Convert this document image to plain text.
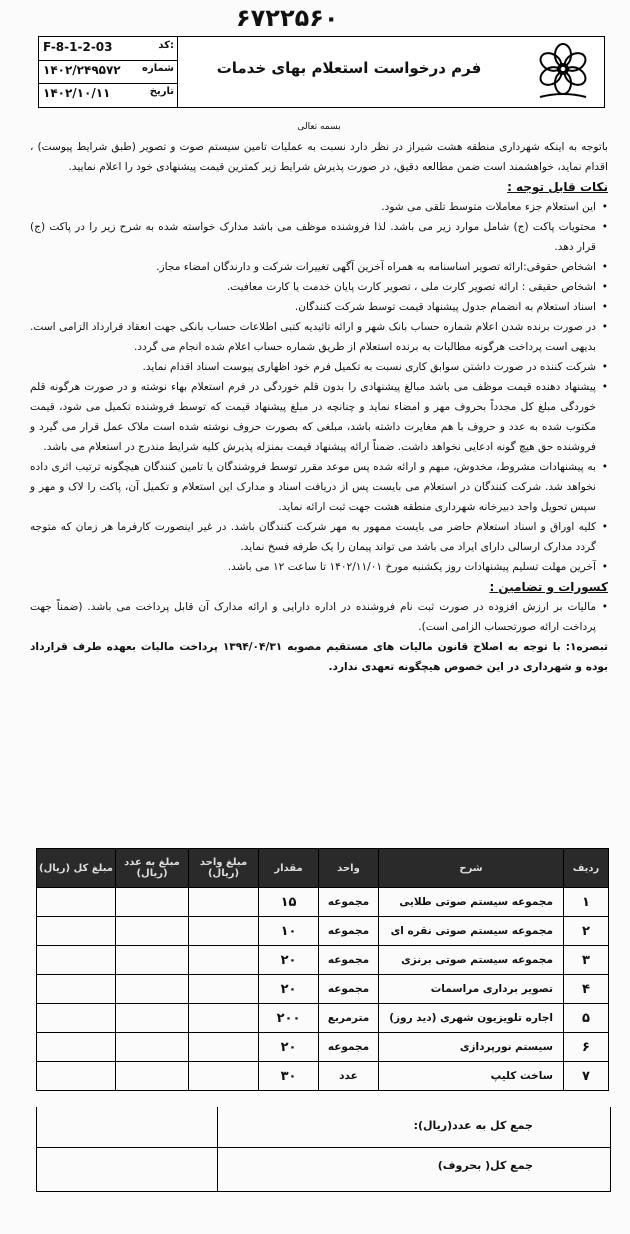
۶۷۲۲۵۶۰
F-8-1-2-03	کد:
۱۴۰۲/۲۴۹۵۷۲ شماره
۱۴۰۲/۱۰/۱۱	تاریخ
فرم درخواست استعلام بهای خدمات

بسمه تعالی

باتوجه به اینکه شهرداری منطقه هشت شیراز در نظر دارد نسبت به عملیات تامین سیستم صوت و تصویر (طبق شرایط پیوست) ، اقدام نماید، خواهشمند است ضمن مطالعه دقیق، در صورت پذیرش شرایط زیر کمترین قیمت پیشنهادی خود را اعلام نمایید.

نکات قابل توجه :

• این استعلام جزء معاملات متوسط تلقی می شود.

• محتویات پاکت (ج) شامل موارد زیر می باشد. لذا فروشنده موظف می باشد مدارک خواسته شده به شرح زیر را در پاکت (ج) قرار دهد.

• اشخاص حقوقی:ارائه تصویر اساسنامه به همراه آخرین آگهی تغییرات شرکت و دارندگان امضاء مجاز.

• اشخاص حقیقی : ارائه تصویر کارت ملی ، تصویر کارت پایان خدمت یا کارت معافیت.

• اسناد استعلام به انضمام جدول پیشنهاد قیمت توسط شرکت کنندگان.

• در صورت برنده شدن اعلام شماره حساب بانک شهر و ارائه تائیدیه کتبی اطلاعات حساب بانکی جهت انعقاد قرارداد الزامی است. بدیهی است پرداخت هرگونه مطالبات به برنده استعلام از طریق شماره حساب اعلام شده انجام می گردد.

• شرکت کننده در صورت داشتن سوابق کاری نسبت به تکمیل فرم خود اظهاری پیوست اسناد اقدام نماید.

• پیشنهاد دهنده قیمت موظف می باشد مبالغ پیشنهادی را بدون قلم خوردگی در فرم استعلام بهاء نوشته و در صورت هرگونه قلم خوردگی مبلغ کل مجدداً بحروف مهر و امضاء نماید و چنانچه در مبلغ پیشنهاد قیمت که توسط فروشنده تکمیل می شود، قیمت مکتوب شده به عدد و حروف با هم مغایرت داشته باشد، مبلغی که بصورت حروف نوشته شده است ملاک عمل قرار می گیرد و فروشنده حق هیچ گونه ادعایی نخواهد داشت. ضمناً ارائه پیشنهاد قیمت بمنزله پذیرش کلیه شرایط مندرج در استعلام می باشد.

• به پیشنهادات مشروط، مخدوش، مبهم و ارائه شده پس موعد مقرر توسط فروشندگان یا تامین کنندگان هیچگونه ترتیب اثری داده نخواهد شد. شرکت کنندگان در استعلام می بایست پس از دریافت اسناد و مدارک این استعلام و تکمیل آن، پاکت را لاک و مهر و سپس تحویل واحد دبیرخانه شهرداری منطقه هشت جهت ثبت ارائه نماید.

• کلیه اوراق و اسناد استعلام حاضر می بایست ممهور به مهر شرکت کنندگان باشد. در غیر اینصورت کارفرما هر زمان که متوجه گردد مدارک ارسالی دارای ایراد می باشد می تواند پیمان را یک طرفه فسخ نماید.

• آخرین مهلت تسلیم پیشنهادات روز یکشنبه مورخ ۱۴۰۲/۱۱/۰۱ تا ساعت ۱۲ می باشد.

کسورات و تضامین :

• مالیات بر ارزش افزوده در صورت ثبت نام فروشنده در اداره دارایی و ارائه مدارک آن قابل پرداخت می باشد. (ضمناً جهت پرداخت ارائه صورتحساب الزامی است).

تبصره۱: با توجه به اصلاح قانون مالیات های مستقیم مصوبه ۱۳۹۴/۰۴/۳۱ پرداخت مالیات بعهده طرف قرارداد بوده و شهرداری در این خصوص هیچگونه تعهدی ندارد.

ردیف	شرح	واحد	مقدار	مبلغ واحد (ریال)	مبلغ به عدد (ریال)	مبلغ کل (ریال)
۱	مجموعه سیستم صوتی طلایی	مجموعه	۱۵			
۲	مجموعه سیستم صوتی نقره ای	مجموعه	۱۰			
۳	مجموعه سیستم صوتی برنزی	مجموعه	۲۰			
۴	تصویر برداری مراسمات	مجموعه	۲۰			
۵	اجاره تلویزیون شهری (دید روز)	مترمربع	۲۰۰			
۶	سیستم نورپردازی	مجموعه	۲۰			
۷	ساخت کلیپ	عدد	۳۰			
جمع کل به عدد(ریال):
جمع کل( بحروف)
